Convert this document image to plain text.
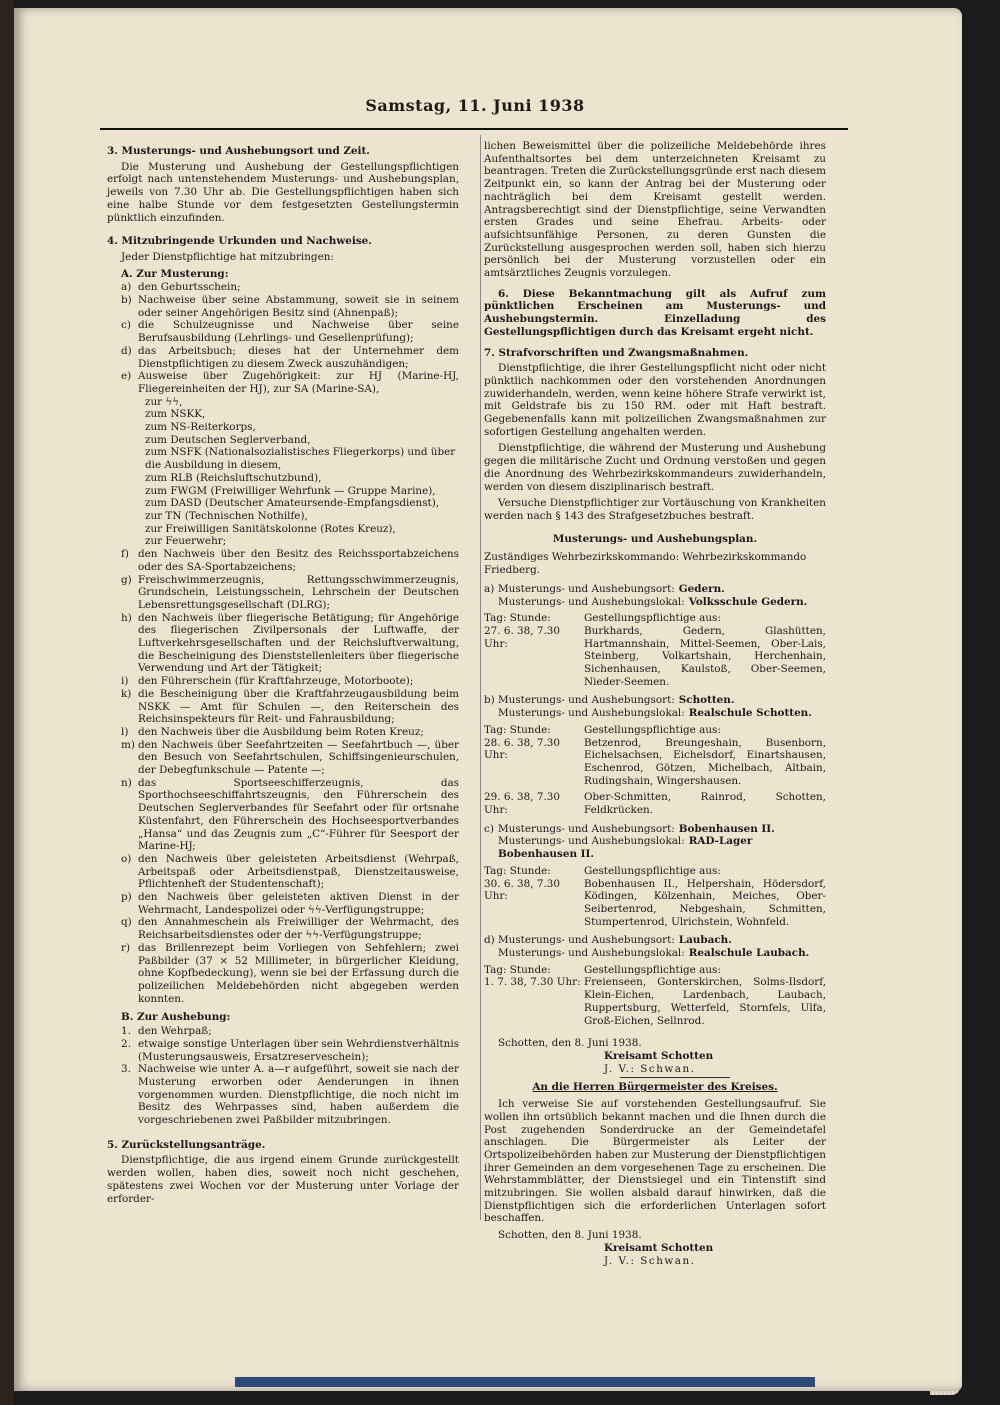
Samstag, 11. Juni 1938

3. Musterungs- und Aushebungsort und Zeit.

Die Musterung und Aushebung der Gestellungspflichtigen erfolgt nach untenstehendem Musterungs- und Aushebungsplan, jeweils von 7.30 Uhr ab. Die Gestellungspflichtigen haben sich eine halbe Stunde vor dem festgesetzten Gestellungstermin pünktlich einzufinden.

4. Mitzubringende Urkunden und Nachweise.

Jeder Dienstpflichtige hat mitzubringen:

A. Zur Musterung:

a) den Geburtsschein;
b) Nachweise über seine Abstammung, soweit sie in seinem oder seiner Angehörigen Besitz sind (Ahnenpaß);
c) die Schulzeugnisse und Nachweise über seine Berufsausbildung (Lehrlings- und Gesellenprüfung);
d) das Arbeitsbuch; dieses hat der Unternehmer dem Dienstpflichtigen zu diesem Zweck auszuhändigen;
e) Ausweise über Zugehörigkeit: zur HJ (Marine-HJ, Fliegereinheiten der HJ), zur SA (Marine-SA),

zur ϟϟ,

zum NSKK,

zum NS-Reiterkorps,

zum Deutschen Seglerverband,

zum NSFK (Nationalsozialistisches Fliegerkorps) und über die Ausbildung in diesem,

zum RLB (Reichsluftschutzbund),

zum FWGM (Freiwilliger Wehrfunk — Gruppe Marine),

zum DASD (Deutscher Amateursende-Empfangsdienst),

zur TN (Technischen Nothilfe),

zur Freiwilligen Sanitätskolonne (Rotes Kreuz),

zur Feuerwehr;

f) den Nachweis über den Besitz des Reichssportabzeichens oder des SA-Sportabzeichens;
g) Freischwimmerzeugnis, Rettungsschwimmerzeugnis, Grundschein, Leistungsschein, Lehrschein der Deutschen Lebensrettungsgesellschaft (DLRG);
h) den Nachweis über fliegerische Betätigung; für Angehörige des fliegerischen Zivilpersonals der Luftwaffe, der Luftverkehrsgesellschaften und der Reichsluftverwaltung, die Bescheinigung des Dienststellenleiters über fliegerische Verwendung und Art der Tätigkeit;
i) den Führerschein (für Kraftfahrzeuge, Motorboote);
k) die Bescheinigung über die Kraftfahrzeugausbildung beim NSKK — Amt für Schulen —, den Reiterschein des Reichsinspekteurs für Reit- und Fahrausbildung;
l) den Nachweis über die Ausbildung beim Roten Kreuz;
m) den Nachweis über Seefahrtzeiten — Seefahrtbuch —, über den Besuch von Seefahrtschulen, Schiffsingenieurschulen, der Debegfunkschule — Patente —;
n) das Sportseeschifferzeugnis, das Sporthochseeschiffahrtszeugnis, den Führerschein des Deutschen Seglerverbandes für Seefahrt oder für ortsnahe Küstenfahrt, den Führerschein des Hochseesportverbandes „Hansa“ und das Zeugnis zum „C“-Führer für Seesport der Marine-HJ;
o) den Nachweis über geleisteten Arbeitsdienst (Wehrpaß, Arbeitspaß oder Arbeitsdienstpaß, Dienstzeitausweise, Pflichtenheft der Studentenschaft);
p) den Nachweis über geleisteten aktiven Dienst in der Wehrmacht, Landespolizei oder ϟϟ-Verfügungstruppe;
q) den Annahmeschein als Freiwilliger der Wehrmacht, des Reichsarbeitsdienstes oder der ϟϟ-Verfügungstruppe;
r) das Brillenrezept beim Vorliegen von Sehfehlern; zwei Paßbilder (37 × 52 Millimeter, in bürgerlicher Kleidung, ohne Kopfbedeckung), wenn sie bei der Erfassung durch die polizeilichen Meldebehörden nicht abgegeben werden konnten.

B. Zur Aushebung:

1. den Wehrpaß;
2. etwaige sonstige Unterlagen über sein Wehrdienstverhältnis (Musterungsausweis, Ersatzreserveschein);
3. Nachweise wie unter A. a—r aufgeführt, soweit sie nach der Musterung erworben oder Aenderungen in ihnen vorgenommen wurden. Dienstpflichtige, die noch nicht im Besitz des Wehrpasses sind, haben außerdem die vorgeschriebenen zwei Paßbilder mitzubringen.

5. Zurückstellungsanträge.

Dienstpflichtige, die aus irgend einem Grunde zurückgestellt werden wollen, haben dies, soweit noch nicht geschehen, spätestens zwei Wochen vor der Musterung unter Vorlage der erforder-

lichen Beweismittel über die polizeiliche Meldebehörde ihres Aufenthaltsortes bei dem unterzeichneten Kreisamt zu beantragen. Treten die Zurückstellungsgründe erst nach diesem Zeitpunkt ein, so kann der Antrag bei der Musterung oder nachträglich bei dem Kreisamt gestellt werden. Antragsberechtigt sind der Dienstpflichtige, seine Verwandten ersten Grades und seine Ehefrau. Arbeits- oder aufsichtsunfähige Personen, zu deren Gunsten die Zurückstellung ausgesprochen werden soll, haben sich hierzu persönlich bei der Musterung vorzustellen oder ein amtsärztliches Zeugnis vorzulegen.

6. Diese Bekanntmachung gilt als Aufruf zum pünktlichen Erscheinen am Musterungs- und Aushebungstermin. Einzelladung des Gestellungspflichtigen durch das Kreisamt ergeht nicht.

7. Strafvorschriften und Zwangsmaßnahmen.

Dienstpflichtige, die ihrer Gestellungspflicht nicht oder nicht pünktlich nachkommen oder den vorstehenden Anordnungen zuwiderhandeln, werden, wenn keine höhere Strafe verwirkt ist, mit Geldstrafe bis zu 150 RM. oder mit Haft bestraft. Gegebenenfalls kann mit polizeilichen Zwangsmaßnahmen zur sofortigen Gestellung angehalten werden.

Dienstpflichtige, die während der Musterung und Aushebung gegen die militärische Zucht und Ordnung verstoßen und gegen die Anordnung des Wehrbezirkskommandeurs zuwiderhandeln, werden von diesem disziplinarisch bestraft.

Versuche Dienstpflichtiger zur Vortäuschung von Krankheiten werden nach § 143 des Strafgesetzbuches bestraft.

Musterungs- und Aushebungsplan.

Zuständiges Wehrbezirkskommando: Wehrbezirkskommando Friedberg.

a) Musterungs- und Aushebungsort: Gedern.
Musterungs- und Aushebungslokal: Volksschule Gedern.
Tag: Stunde:	Gestellungspflichtige aus:
27. 6. 38, 7.30 Uhr:
Burkhards, Gedern, Glashütten, Hartmannshain, Mittel-Seemen, Ober-Lais, Steinberg, Volkartshain, Herchenhain, Sichenhausen, Kaulstoß, Ober-Seemen, Nieder-Seemen.
b) Musterungs- und Aushebungsort: Schotten.
Musterungs- und Aushebungslokal: Realschule Schotten.
Tag: Stunde:	Gestellungspflichtige aus:
28. 6. 38, 7.30 Uhr:
Betzenrod, Breungeshain, Busenborn, Eichelsachsen, Eichelsdorf, Einartshausen, Eschenrod, Götzen, Michelbach, Altbain, Rudingshain, Wingershausen.
29. 6. 38, 7.30 Uhr:
Ober-Schmitten, Rainrod, Schotten, Feldkrücken.
c) Musterungs- und Aushebungsort: Bobenhausen II.
Musterungs- und Aushebungslokal: RAD-Lager Bobenhausen II.
Tag: Stunde:	Gestellungspflichtige aus:
30. 6. 38, 7.30 Uhr:
Bobenhausen II., Helpershain, Hödersdorf, Ködingen, Kölzenhain, Meiches, Ober-Seibertenrod, Nebgeshain, Schmitten, Stumpertenrod, Ulrichstein, Wohnfeld.
d) Musterungs- und Aushebungsort: Laubach.
Musterungs- und Aushebungslokal: Realschule Laubach.
Tag: Stunde:	Gestellungspflichtige aus:
1. 7. 38, 7.30 Uhr: Freienseen, Gonterskirchen, Solms-Ilsdorf, Klein-Eichen, Lardenbach, Laubach, Ruppertsburg, Wetterfeld, Stornfels, Ulfa, Groß-Eichen, Sellnrod.

Schotten, den 8. Juni 1938.

Kreisamt Schotten

J. V.: Schwan.

An die Herren Bürgermeister des Kreises.

Ich verweise Sie auf vorstehenden Gestellungsaufruf. Sie wollen ihn ortsüblich bekannt machen und die Ihnen durch die Post zugehenden Sonderdrucke an der Gemeindetafel anschlagen. Die Bürgermeister als Leiter der Ortspolizeibehörden haben zur Musterung der Dienstpflichtigen ihrer Gemeinden an dem vorgesehenen Tage zu erscheinen. Die Wehrstammblätter, der Dienstsiegel und ein Tintenstift sind mitzubringen. Sie wollen alsbald darauf hinwirken, daß die Dienstpflichtigen sich die erforderlichen Unterlagen sofort beschaffen.

Schotten, den 8. Juni 1938.

Kreisamt Schotten

J. V.: Schwan.
